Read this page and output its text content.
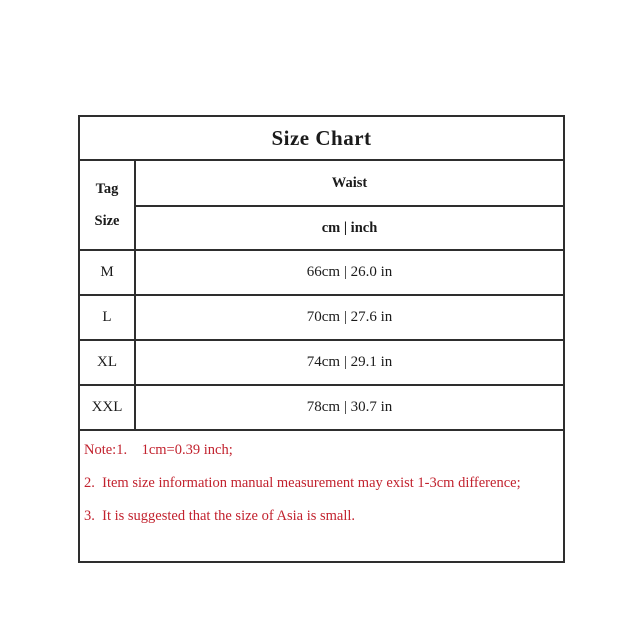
Size Chart	

Tag
Size	Waist
	cm | inch
M	66cm | 26.0 in
L	70cm | 27.6 in
XL	74cm | 29.1 in
XXL	78cm | 30.7 in

Note:1.    1cm=0.39 inch;

2.  Item size information manual measurement may exist 1-3cm difference;

3.  It is suggested that the size of Asia is small.	
